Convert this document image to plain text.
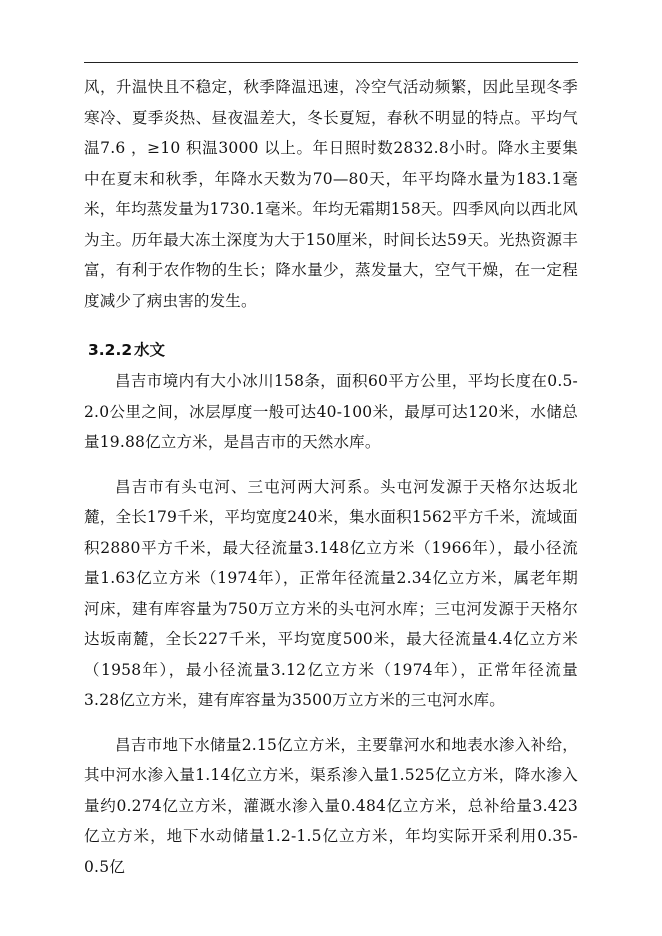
风，升温快且不稳定，秋季降温迅速，冷空气活动频繁，因此呈现冬季寒冷、夏季炎热、昼夜温差大，冬长夏短，春秋不明显的特点。平均气温7.6 ，≥10 积温3000 以上。年日照时数2832.8小时。降水主要集中在夏末和秋季，年降水天数为70—80天，年平均降水量为183.1毫米，年均蒸发量为1730.1毫米。年均无霜期158天。四季风向以西北风为主。历年最大冻土深度为大于150厘米，时间长达59天。光热资源丰富，有利于农作物的生长；降水量少，蒸发量大，空气干燥，在一定程度减少了病虫害的发生。

3.2.2 水文

昌吉市境内有大小冰川158条，面积60平方公里，平均长度在0.5-2.0公里之间，冰层厚度一般可达40-100米，最厚可达120米，水储总量19.88亿立方米，是昌吉市的天然水库。

昌吉市有头屯河、三屯河两大河系。头屯河发源于天格尔达坂北麓，全长179千米，平均宽度240米，集水面积1562平方千米，流域面积2880平方千米，最大径流量3.148亿立方米（1966年），最小径流量1.63亿立方米（1974年），正常年径流量2.34亿立方米，属老年期河床，建有库容量为750万立方米的头屯河水库；三屯河发源于天格尔达坂南麓，全长227千米，平均宽度500米，最大径流量4.4亿立方米（1958年），最小径流量3.12亿立方米（1974年），正常年径流量3.28亿立方米，建有库容量为3500万立方米的三屯河水库。

昌吉市地下水储量2.15亿立方米，主要靠河水和地表水渗入补给，其中河水渗入量1.14亿立方米，渠系渗入量1.525亿立方米，降水渗入量约0.274亿立方米，灌溉水渗入量0.484亿立方米，总补给量3.423亿立方米，地下水动储量1.2-1.5亿立方米，年均实际开采利用0.35-0.5亿
